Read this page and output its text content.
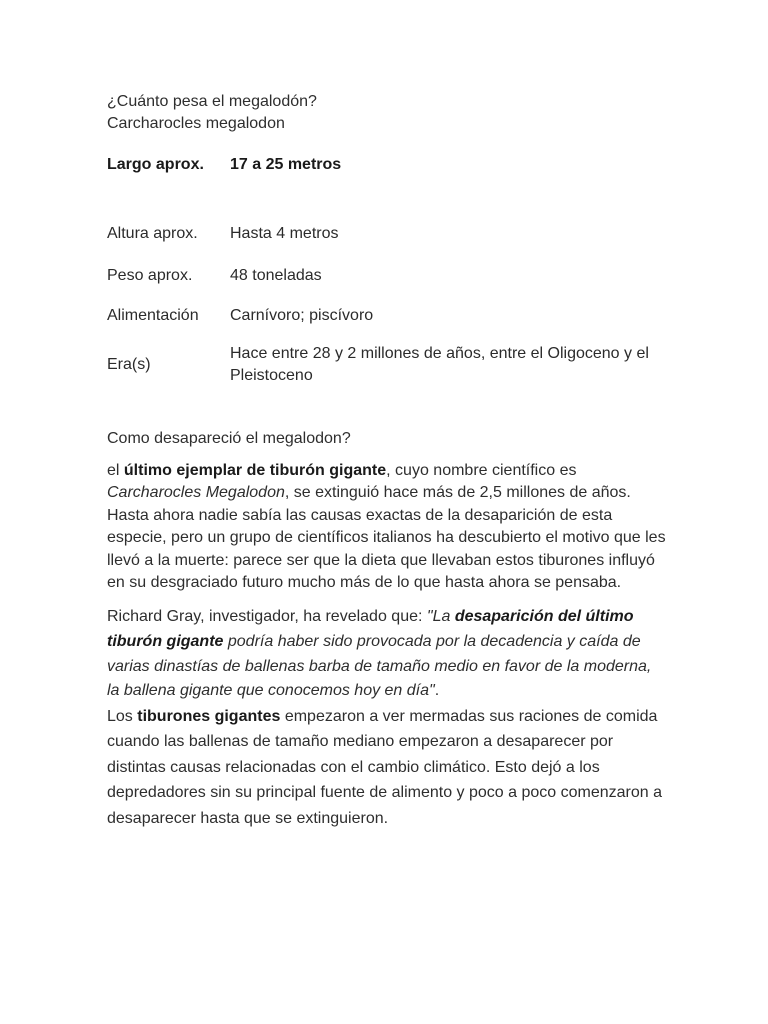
¿Cuánto pesa el megalodón?
Carcharocles megalodon
Largo aprox.	17 a 25 metros
Altura aprox.	Hasta 4 metros
Peso aprox.	48 toneladas
Alimentación	Carnívoro; piscívoro
Era(s)	Hace entre 28 y 2 millones de años, entre el Oligoceno y el Pleistoceno
Como desapareció el megalodon?

el último ejemplar de tiburón gigante, cuyo nombre científico es Carcharocles Megalodon, se extinguió hace más de 2,5 millones de años. Hasta ahora nadie sabía las causas exactas de la desaparición de esta especie, pero un grupo de científicos italianos ha descubierto el motivo que les llevó a la muerte: parece ser que la dieta que llevaban estos tiburones influyó en su desgraciado futuro mucho más de lo que hasta ahora se pensaba.

Richard Gray, investigador, ha revelado que: "La desaparición del último tiburón gigante podría haber sido provocada por la decadencia y caída de varias dinastías de ballenas barba de tamaño medio en favor de la moderna, la ballena gigante que conocemos hoy en día".

Los tiburones gigantes empezaron a ver mermadas sus raciones de comida cuando las ballenas de tamaño mediano empezaron a desaparecer por distintas causas relacionadas con el cambio climático. Esto dejó a los depredadores sin su principal fuente de alimento y poco a poco comenzaron a desaparecer hasta que se extinguieron.
